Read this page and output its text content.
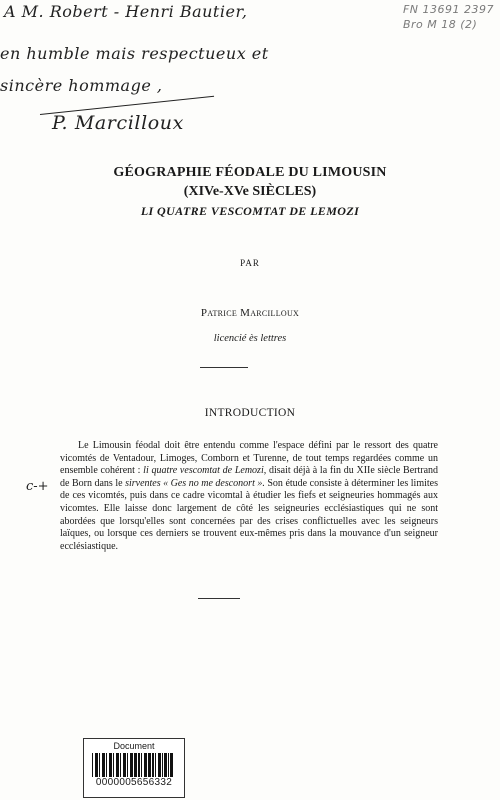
A M. Robert - Henri Bautier,
en humble mais respectueux et
sincère hommage ,
P. Marcilloux
FN 13691 2397
Bro M 18 (2)
GÉOGRAPHIE FÉODALE DU LIMOUSIN
(XIVe-XVe SIÈCLES)
LI QUATRE VESCOMTAT DE LEMOZI
PAR
Patrice Marcilloux
licencié ès lettres
INTRODUCTION
c-+
Le Limousin féodal doit être entendu comme l'espace défini par le ressort des quatre vicomtés de Ventadour, Limoges, Comborn et Turenne, de tout temps regardées comme un ensemble cohérent : li quatre vescomtat de Lemozi, disait déjà à la fin du XIIe siècle Bertrand de Born dans le sirventes « Ges no me desconort ». Son étude consiste à déterminer les limites de ces vicomtés, puis dans ce cadre vicomtal à étudier les fiefs et seigneuries hommagés aux vicomtes. Elle laisse donc largement de côté les seigneuries ecclésiastiques qui ne sont abordées que lorsqu'elles sont concernées par des crises conflictuelles avec les seigneurs laïques, ou lorsque ces derniers se trouvent eux-mêmes pris dans la mouvance d'un seigneur ecclésiastique.
Document
0000005656332
